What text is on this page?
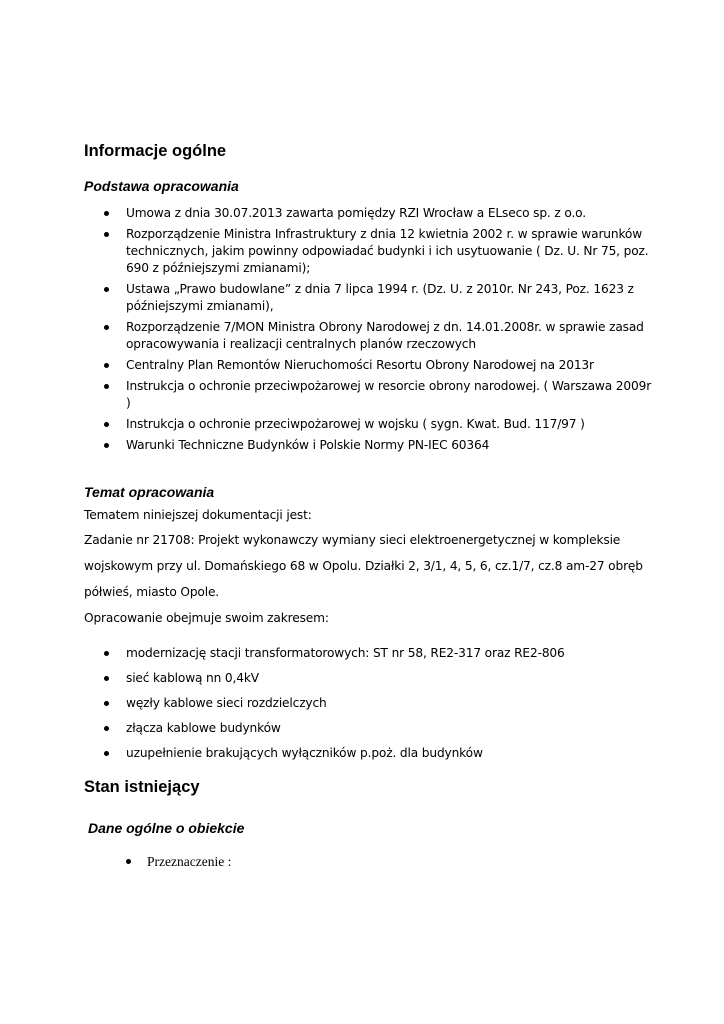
Informacje ogólne
Podstawa opracowania
Umowa z dnia 30.07.2013 zawarta pomiędzy RZI Wrocław a ELseco sp. z o.o.
Rozporządzenie Ministra Infrastruktury z dnia 12 kwietnia 2002 r. w sprawie warunków technicznych, jakim powinny odpowiadać budynki i ich usytuowanie ( Dz. U. Nr 75, poz. 690 z późniejszymi zmianami);
Ustawa „Prawo budowlane” z dnia 7 lipca 1994 r. (Dz. U. z 2010r. Nr 243, Poz. 1623 z późniejszymi zmianami),
Rozporządzenie 7/MON Ministra Obrony Narodowej z dn. 14.01.2008r. w sprawie zasad opracowywania i realizacji centralnych planów rzeczowych
Centralny Plan Remontów Nieruchomości Resortu Obrony Narodowej na 2013r
Instrukcja o ochronie przeciwpożarowej w resorcie obrony narodowej. ( Warszawa 2009r )
Instrukcja o ochronie przeciwpożarowej w wojsku ( sygn. Kwat. Bud. 117/97 )
Warunki Techniczne Budynków i Polskie Normy PN-IEC 60364
Temat opracowania
Tematem niniejszej dokumentacji jest:
Zadanie nr 21708: Projekt wykonawczy wymiany sieci elektroenergetycznej w kompleksie
wojskowym przy ul. Domańskiego 68 w Opolu. Działki 2, 3/1, 4, 5, 6, cz.1/7, cz.8 am-27 obręb
półwieś, miasto Opole.
Opracowanie obejmuje swoim zakresem:
modernizację stacji transformatorowych: ST nr 58, RE2-317 oraz RE2-806
sieć kablową nn 0,4kV
węzły kablowe sieci rozdzielczych
złącza kablowe budynków
uzupełnienie brakujących wyłączników p.poż. dla budynków
Stan istniejący
Dane ogólne o obiekcie
Przeznaczenie :
